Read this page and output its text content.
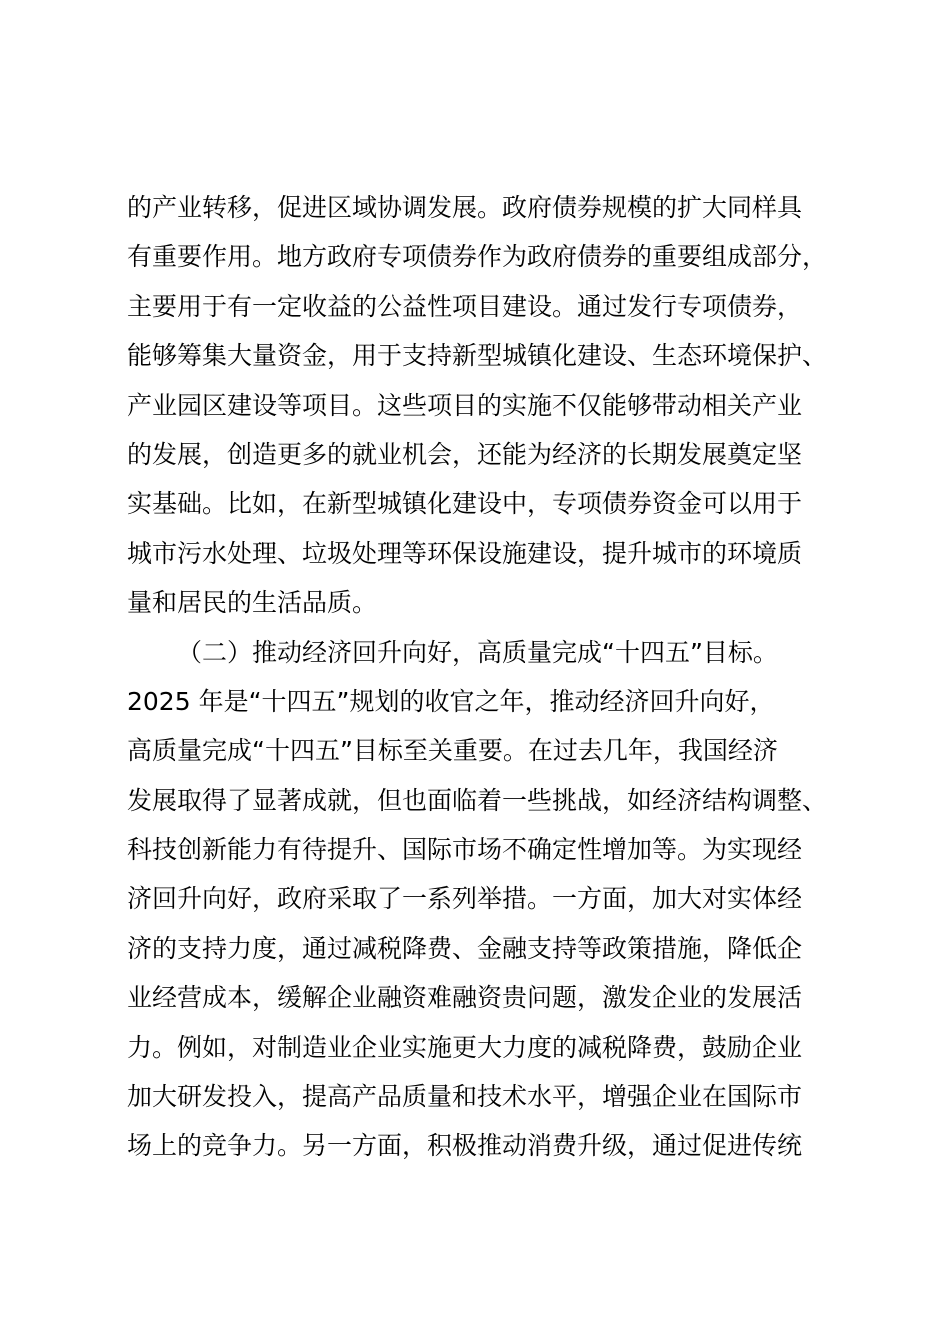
的产业转移，促进区域协调发展。政府债券规模的扩大同样具
有重要作用。地方政府专项债券作为政府债券的重要组成部分，
主要用于有一定收益的公益性项目建设。通过发行专项债券，
能够筹集大量资金，用于支持新型城镇化建设、生态环境保护、
产业园区建设等项目。这些项目的实施不仅能够带动相关产业
的发展，创造更多的就业机会，还能为经济的长期发展奠定坚
实基础。比如，在新型城镇化建设中，专项债券资金可以用于
城市污水处理、垃圾处理等环保设施建设，提升城市的环境质
量和居民的生活品质。
（二）推动经济回升向好，高质量完成“十四五”目标。
2025 年是“十四五”规划的收官之年，推动经济回升向好，
高质量完成“十四五”目标至关重要。在过去几年，我国经济
发展取得了显著成就，但也面临着一些挑战，如经济结构调整、
科技创新能力有待提升、国际市场不确定性增加等。为实现经
济回升向好，政府采取了一系列举措。一方面，加大对实体经
济的支持力度，通过减税降费、金融支持等政策措施，降低企
业经营成本，缓解企业融资难融资贵问题，激发企业的发展活
力。例如，对制造业企业实施更大力度的减税降费，鼓励企业
加大研发投入，提高产品质量和技术水平，增强企业在国际市
场上的竞争力。另一方面，积极推动消费升级，通过促进传统
